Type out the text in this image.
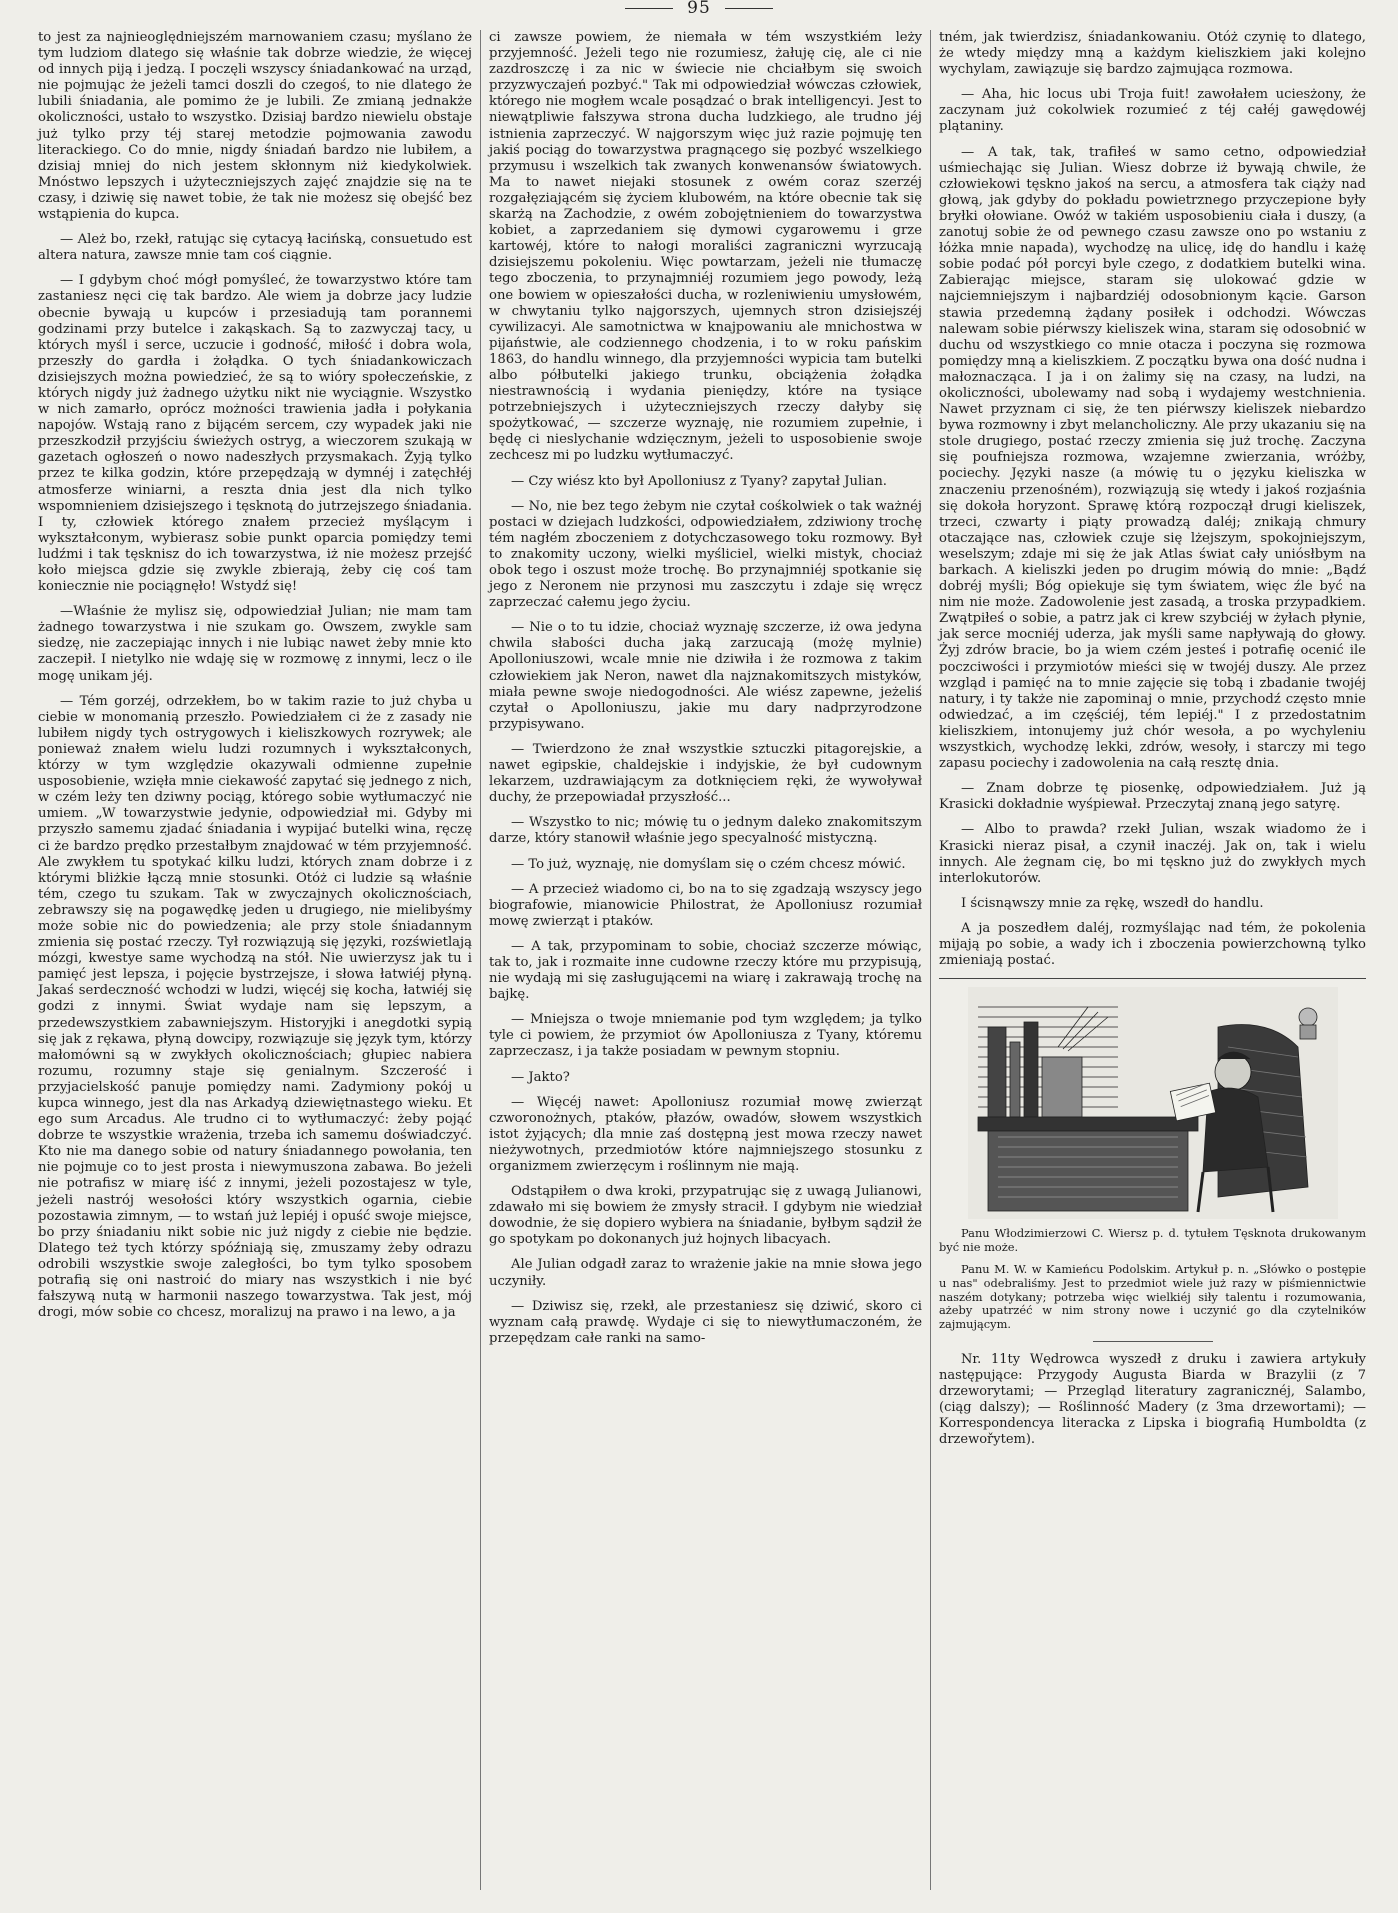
95

to jest za najnieoględniejszém marnowaniem czasu; myślano że tym ludziom dlatego się właśnie tak dobrze wiedzie, że więcej od innych piją i jedzą. I poczęli wszyscy śniadankować na urząd, nie pojmując że jeżeli tamci doszli do czegoś, to nie dlatego że lubili śniadania, ale pomimo że je lubili. Ze zmianą jednakże okoliczności, ustało to wszystko. Dzisiaj bardzo niewielu obstaje już tylko przy téj starej metodzie pojmowania zawodu literackiego. Co do mnie, nigdy śniadań bardzo nie lubiłem, a dzisiaj mniej do nich jestem skłonnym niż kiedykolwiek. Mnóstwo lepszych i użyteczniejszych zajęć znajdzie się na te czasy, i dziwię się nawet tobie, że tak nie możesz się obejść bez wstąpienia do kupca.

— Ależ bo, rzekł, ratując się cytacyą łacińską, consuetudo est altera natura, zawsze mnie tam coś ciągnie.

— I gdybym choć mógł pomyśleć, że towarzystwo które tam zastaniesz nęci cię tak bardzo. Ale wiem ja dobrze jacy ludzie obecnie bywają u kupców i przesiadują tam porannemi godzinami przy butelce i zakąskach. Są to zazwyczaj tacy, u których myśl i serce, uczucie i godność, miłość i dobra wola, przeszły do gardła i żołądka. O tych śniadankowiczach dzisiejszych można powiedzieć, że są to wióry społeczeńskie, z których nigdy już żadnego użytku nikt nie wyciągnie. Wszystko w nich zamarło, oprócz możności trawienia jadła i połykania napojów. Wstają rano z bijącém sercem, czy wypadek jaki nie przeszkodził przyjściu świeżych ostryg, a wieczorem szukają w gazetach ogłoszeń o nowo nadeszłych przysmakach. Żyją tylko przez te kilka godzin, które przepędzają w dymnéj i zatęchłéj atmosferze winiarni, a reszta dnia jest dla nich tylko wspomnieniem dzisiejszego i tęsknotą do jutrzejszego śniadania. I ty, człowiek którego znałem przecież myślącym i wykształconym, wybierasz sobie punkt oparcia pomiędzy temi ludźmi i tak tęsknisz do ich towarzystwa, iż nie możesz przejść koło miejsca gdzie się zwykle zbierają, żeby cię coś tam koniecznie nie pociągnęło! Wstydź się!

—Właśnie że mylisz się, odpowiedział Julian; nie mam tam żadnego towarzystwa i nie szukam go. Owszem, zwykle sam siedzę, nie zaczepiając innych i nie lubiąc nawet żeby mnie kto zaczepił. I nietylko nie wdaję się w rozmowę z innymi, lecz o ile mogę unikam jéj.

— Tém gorzéj, odrzekłem, bo w takim razie to już chyba u ciebie w monomanią przeszło. Powiedziałem ci że z zasady nie lubiłem nigdy tych ostrygowych i kieliszkowych rozrywek; ale ponieważ znałem wielu ludzi rozumnych i wykształconych, którzy w tym względzie okazywali odmienne zupełnie usposobienie, wzięła mnie ciekawość zapytać się jednego z nich, w czém leży ten dziwny pociąg, którego sobie wytłumaczyć nie umiem. „W towarzystwie jedynie, odpowiedział mi. Gdyby mi przyszło samemu zjadać śniadania i wypijać butelki wina, ręczę ci że bardzo prędko przestałbym znajdować w tém przyjemność. Ale zwykłem tu spotykać kilku ludzi, których znam dobrze i z którymi bliżkie łączą mnie stosunki. Otóż ci ludzie są właśnie tém, czego tu szukam. Tak w zwyczajnych okolicznościach, zebrawszy się na pogawędkę jeden u drugiego, nie mielibyśmy może sobie nic do powiedzenia; ale przy stole śniadannym zmienia się postać rzeczy. Tył rozwiązują się języki, rozświetlają mózgi, kwestye same wychodzą na stół. Nie uwierzysz jak tu i pamięć jest lepsza, i pojęcie bystrzejsze, i słowa łatwiéj płyną. Jakaś serdeczność wchodzi w ludzi, więcéj się kocha, łatwiéj się godzi z innymi. Świat wydaje nam się lepszym, a przedewszystkiem zabawniejszym. Historyjki i anegdotki sypią się jak z rękawa, płyną dowcipy, rozwiązuje się język tym, którzy małomówni są w zwykłych okolicznościach; głupiec nabiera rozumu, rozumny staje się genialnym. Szczerość i przyjacielskość panuje pomiędzy nami. Zadymiony pokój u kupca winnego, jest dla nas Arkadyą dziewiętnastego wieku. Et ego sum Arcadus. Ale trudno ci to wytłumaczyć: żeby pojąć dobrze te wszystkie wrażenia, trzeba ich samemu doświadczyć. Kto nie ma danego sobie od natury śniadannego powołania, ten nie pojmuje co to jest prosta i niewymuszona zabawa. Bo jeżeli nie potrafisz w miarę iść z innymi, jeżeli pozostajesz w tyle, jeżeli nastrój wesołości który wszystkich ogarnia, ciebie pozostawia zimnym, — to wstań już lepiéj i opuść swoje miejsce, bo przy śniadaniu nikt sobie nic już nigdy z ciebie nie będzie. Dlatego też tych którzy spóźniają się, zmuszamy żeby odrazu odrobili wszystkie swoje zaległości, bo tym tylko sposobem potrafią się oni nastroić do miary nas wszystkich i nie być fałszywą nutą w harmonii naszego towarzystwa. Tak jest, mój drogi, mów sobie co chcesz, moralizuj na prawo i na lewo, a ja

ci zawsze powiem, że niemała w tém wszystkiém leży przyjemność. Jeżeli tego nie rozumiesz, żałuję cię, ale ci nie zazdroszczę i za nic w świecie nie chciałbym się swoich przyzwyczajeń pozbyć." Tak mi odpowiedział wówczas człowiek, którego nie mogłem wcale posądzać o brak intelligencyi. Jest to niewątpliwie fałszywa strona ducha ludzkiego, ale trudno jéj istnienia zaprzeczyć. W najgorszym więc już razie pojmuję ten jakiś pociąg do towarzystwa pragnącego się pozbyć wszelkiego przymusu i wszelkich tak zwanych konwenansów światowych. Ma to nawet niejaki stosunek z owém coraz szerzéj rozgałęziającém się życiem klubowém, na które obecnie tak się skarżą na Zachodzie, z owém zobojętnieniem do towarzystwa kobiet, a zaprzedaniem się dymowi cygarowemu i grze kartowéj, które to nałogi moraliści zagraniczni wyrzucają dzisiejszemu pokoleniu. Więc powtarzam, jeżeli nie tłumaczę tego zboczenia, to przynajmniéj rozumiem jego powody, leżą one bowiem w opieszałości ducha, w rozleniwieniu umysłowém, w chwytaniu tylko najgorszych, ujemnych stron dzisiejszéj cywilizacyi. Ale samotnictwa w knajpowaniu ale mnichostwa w pijaństwie, ale codziennego chodzenia, i to w roku pańskim 1863, do handlu winnego, dla przyjemności wypicia tam butelki albo półbutelki jakiego trunku, obciążenia żołądka niestrawnością i wydania pieniędzy, które na tysiące potrzebniejszych i użyteczniejszych rzeczy dałyby się spożytkować, — szczerze wyznaję, nie rozumiem zupełnie, i będę ci nieslychanie wdzięcznym, jeżeli to usposobienie swoje zechcesz mi po ludzku wytłumaczyć.

— Czy wiész kto był Apolloniusz z Tyany? zapytał Julian.

— No, nie bez tego żebym nie czytał cośkolwiek o tak ważnéj postaci w dziejach ludzkości, odpowiedziałem, zdziwiony trochę tém nagłém zboczeniem z dotychczasowego toku rozmowy. Był to znakomity uczony, wielki myśliciel, wielki mistyk, chociaż obok tego i oszust może trochę. Bo przynajmniéj spotkanie się jego z Neronem nie przynosi mu zaszczytu i zdaje się wręcz zaprzeczać całemu jego życiu.

— Nie o to tu idzie, chociaż wyznaję szczerze, iż owa jedyna chwila słabości ducha jaką zarzucają (możę mylnie) Apolloniuszowi, wcale mnie nie dziwiła i że rozmowa z takim człowiekiem jak Neron, nawet dla najznakomitszych mistyków, miała pewne swoje niedogodności. Ale wiész zapewne, jeżeliś czytał o Apolloniuszu, jakie mu dary nadprzyrodzone przypisywano.

— Twierdzono że znał wszystkie sztuczki pitagorejskie, a nawet egipskie, chaldejskie i indyjskie, że był cudownym lekarzem, uzdrawiającym za dotknięciem ręki, że wywoływał duchy, że przepowiadał przyszłość...

— Wszystko to nic; mówię tu o jednym dalеko znakomitszym darze, który stanowił właśnie jego specyalność mistyczną.

— To już, wyznaję, nie domyślam się o czém chcesz mówić.

— A przecież wiadomo ci, bo na to się zgadzają wszyscy jego biografowie, mianowicie Philostrat, że Apolloniusz rozumiał mowę zwierząt i ptaków.

— A tak, przypominam to sobie, chociaż szczerze mówiąc, tak to, jak i rozmaite inne cudowne rzeczy które mu przypisują, nie wydają mi się zasługującemi na wiarę i zakrawają trochę na bajkę.

— Mniejsza o twoje mniemanie pod tym względem; ja tylko tyle ci powiem, że przymiot ów Apolloniusza z Tyany, któremu zaprzeczasz, i ja także posiadam w pewnym stopniu.

— Jakto?

— Więcéj nawet: Apolloniusz rozumiał mowę zwierząt czworonożnych, ptaków, płazów, owadów, słowem wszystkich istot żyjących; dla mnie zaś dostępną jest mowa rzeczy nawet nieżywotnych, przedmiotów które najmniejszego stosunku z organizmem zwierzęcym i roślinnym nie mają.

Odstąpiłem o dwa kroki, przypatrując się z uwagą Julianowi, zdawało mi się bowiem że zmysły stracił. I gdybym nie wiedział dowodnie, że się dopiero wybiera na śniadanie, byłbym sądził że go spotykam po dokonanych już hojnych libacyach.

Ale Julian odgadł zaraz to wrażenie jakie na mnie słowa jego uczyniły.

— Dziwisz się, rzekł, ale przestaniesz się dziwić, skoro ci wyznam całą prawdę. Wydaje ci się to niewytłumaczoném, że przepędzam całe ranki na samo-

tném, jak twierdzisz, śniadankowaniu. Otóż czynię to dlatego, że wtedy między mną a każdym kieliszkiem jaki kolejno wychylam, zawiązuje się bardzo zajmująca rozmowa.

— Aha, hic locus ubi Troja fuit! zawołałem uciesżony, że zaczynam już cokolwiek rozumieć z téj całéj gawędowéj plątaniny.

— A tak, tak, trafiłeś w samo cetno, odpowiedział uśmiechając się Julian. Wiesz dobrze iż bywają chwile, że człowiekowi tęskno jakoś na sercu, a atmosfera tak ciąży nad głową, jak gdyby do pokładu powietrznego przyczepione były bryłki ołowiane. Owóż w takiém usposobieniu ciała i duszy, (a zanotuj sobie że od pewnego czasu zawsze ono po wstaniu z łóżka mnie napada), wychodzę na ulicę, idę do handlu i każę sobie podać pół porcyi byle czego, z dodatkiem butelki wina. Zabierając miejsce, staram się ulokować gdzie w najciemniejszym i najbardziéj odosobnionym kącie. Garson stawia przedemną żądany posiłek i odchodzi. Wówczas nalewam sobie piérwszy kieliszek wina, staram się odosobnić w duchu od wszystkiego co mnie otacza i poczyna się rozmowa pomiędzy mną a kieliszkiem. Z początku bywa ona dość nudna i małoznacząca. I ja i on żalimy się na czasy, na ludzi, na okoliczności, ubolewamy nad sobą i wydajemy westchnienia. Nawet przyznam ci się, że ten piérwszy kieliszek niebardzo bywa rozmowny i zbyt melancholiczny. Ale przy ukazaniu się na stole drugiego, postać rzeczy zmienia się już trochę. Zaczyna się poufniejsza rozmowa, wzajemne zwierzania, wróżby, pociechy. Języki nasze (a mówię tu o języku kieliszka w znaczeniu przenośném), rozwiązują się wtedy i jakoś rozjaśnia się dokoła horyzont. Sprawę którą rozpoczął drugi kieliszek, trzeci, czwarty i piąty prowadzą daléj; znikają chmury otaczające nas, człowiek czuje się lżejszym, spokojniejszym, weselszym; zdaje mi się że jak Atlas świat cały uniósłbym na barkach. A kieliszki jeden po drugim mówią do mnie: „Bądź dobréj myśli; Bóg opiekuje się tym światem, więc źle być na nim nie może. Zadowolenie jest zasadą, a troska przypadkiem. Zwątpiłeś o sobie, a patrz jak ci krew szybciéj w żyłach płynie, jak serce mocniéj uderza, jak myśli same napływają do głowy. Żyj zdrów bracie, bo ja wiem czém jesteś i potrafię ocenić ile poczciwości i przymiotów mieści się w twojéj duszy. Ale przez wzgląd i pamięć na to mnie zajęcie się tobą i zbadanie twojéj natury, i ty także nie zapominaj o mnie, przychodź często mnie odwiedzać, a im częściéj, tém lepiéj." I z przedostatnim kieliszkiem, intonujemy już chór wesoła, a po wychyleniu wszystkich, wychodzę lekki, zdrów, wesoły, i starczy mi tego zapasu pociechy i zadowolenia na całą resztę dnia.

— Znam dobrze tę piosenkę, odpowiedziałem. Już ją Krasicki dokładnie wyśpiewał. Przeczytaj znaną jego satyrę.

— Albo to prawda? rzekł Julian, wszak wiadomo że i Krasicki nieraz pisał, a czynił inaczéj. Jak on, tak i wielu innych. Ale żegnam cię, bo mi tęskno już do zwykłych mych interlokutorów.

I ścisnąwszy mnie za rękę, wszedł do handlu.

A ja poszedłem daléj, rozmyślając nad tém, że pokolenia mijają po sobie, a wady ich i zboczenia powierzchowną tylko zmieniają postać.

Panu Włodzimierzowi C. Wiersz p. d. tytułem Tęsknota drukowanym być nie może.

Panu M. W. w Kamieńcu Podolskim. Artykuł p. n. „Słówko o postępie u nas" odebraliśmy. Jest to przedmiot wiele już razy w piśmiennictwie naszém dotykany; potrzeba więc wielkiéj siły talentu i rozumowania, ażeby upatrzéć w nim strony nowe i uczynić go dla czytelników zajmującym.

Nr. 11ty Wędrowca wyszedł z druku i zawiera artykuły następujące: Przygody Augusta Biarda w Brazylii (z 7 drzeworytami; — Przegląd literatury zagranicznéj, Salambo, (ciąg dalszy); — Roślinność Madery (z 3ma drzewortami); — Korrespondencya literacka z Lipska i biografią Humboldta (z drzewořytem).
